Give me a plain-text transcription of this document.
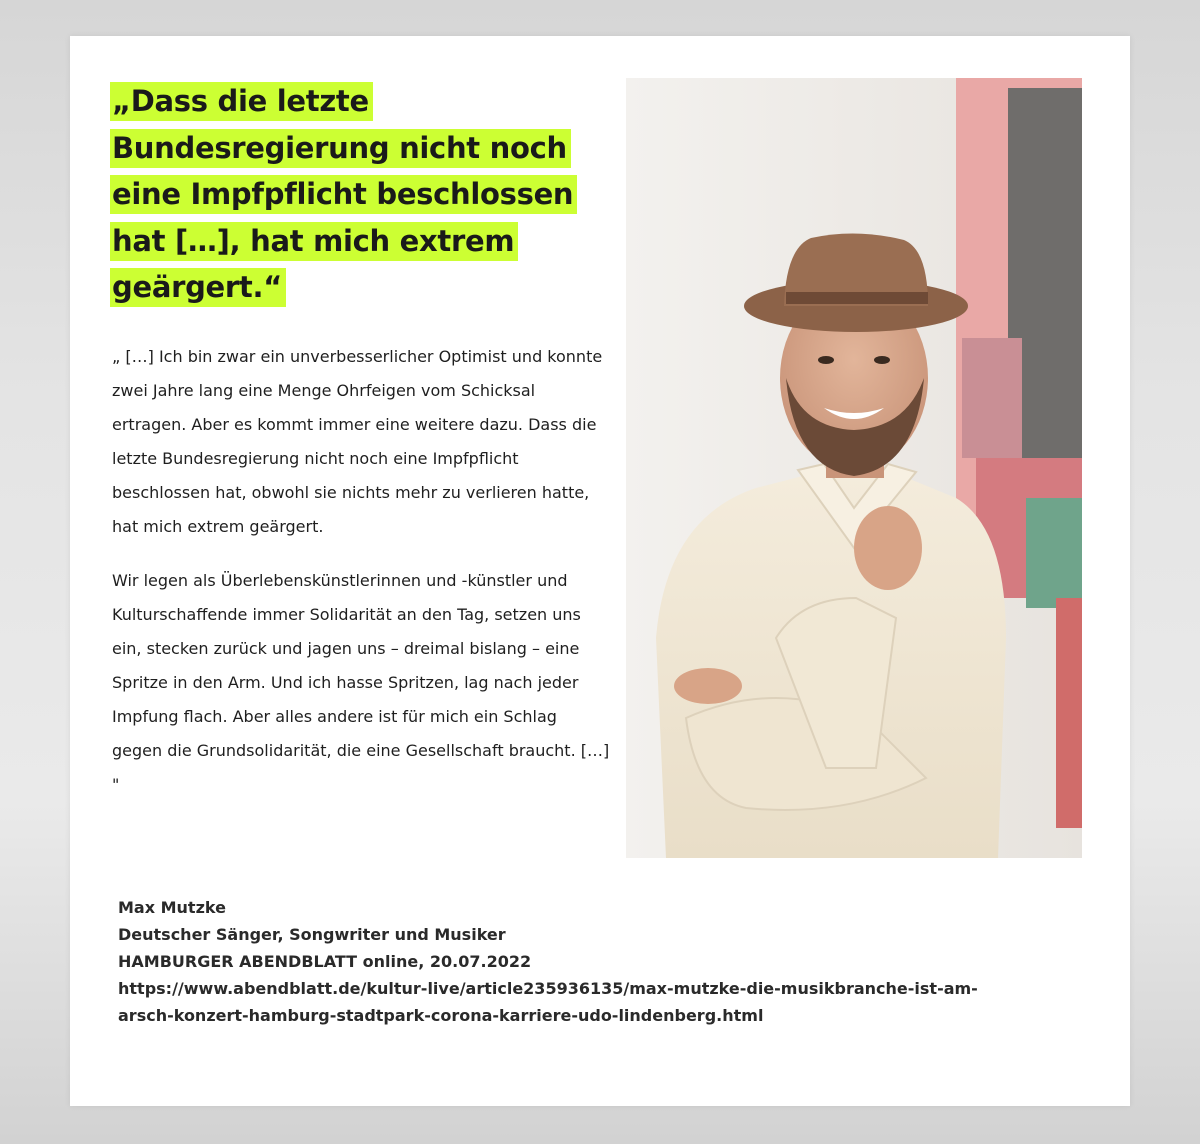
„Dass die letzte Bundesregierung nicht noch eine Impfpflicht beschlossen hat […], hat mich extrem geärgert.“

„ […] Ich bin zwar ein unverbesserlicher Optimist und konnte zwei Jahre lang eine Menge Ohrfeigen vom Schicksal ertragen. Aber es kommt immer eine weitere dazu. Dass die letzte Bundesregierung nicht noch eine Impfpflicht beschlossen hat, obwohl sie nichts mehr zu verlieren hatte, hat mich extrem geärgert.

Wir legen als Überlebenskünstlerinnen und -künstler und Kulturschaffende immer Solidarität an den Tag, setzen uns ein, stecken zurück und jagen uns – dreimal bislang – eine Spritze in den Arm. Und ich hasse Spritzen, lag nach jeder Impfung flach. Aber alles andere ist für mich ein Schlag gegen die Grundsolidarität, die eine Gesellschaft braucht. […] "

Max Mutzke
Deutscher Sänger, Songwriter und Musiker
HAMBURGER ABENDBLATT online, 20.07.2022
https://www.abendblatt.de/kultur-live/article235936135/max-mutzke-die-musikbranche-ist-am-arsch-konzert-hamburg-stadtpark-corona-karriere-udo-lindenberg.html
